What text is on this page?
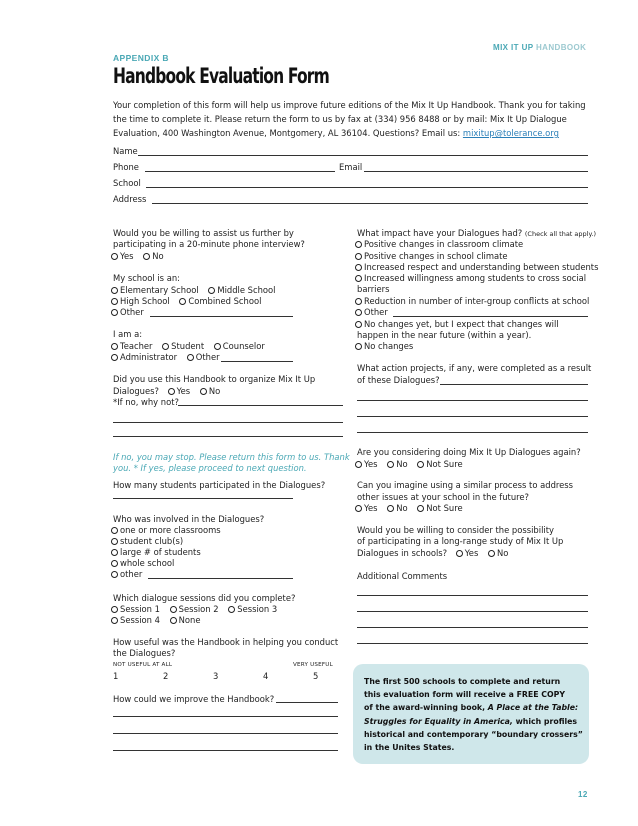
MIX IT UP HANDBOOK
APPENDIX B
Handbook Evaluation Form
Your completion of this form will help us improve future editions of the Mix It Up Handbook. Thank you for taking
the time to complete it. Please return the form to us by fax at (334) 956 8488 or by mail: Mix It Up Dialogue
Evaluation, 400 Washington Avenue, Montgomery, AL 36104. Questions? Email us: mixitup@tolerance.org
Name
Phone	Email
School
Address
Would you be willing to assist us further by
participating in a 20-minute phone interview?
Yes No
My school is an:
Elementary School Middle School
High School Combined School
Other
I am a:
Teacher Student Counselor
Administrator Other
Did you use this Handbook to organize Mix It Up
Dialogues? Yes No
*If no, why not?
If no, you may stop. Please return this form to us. Thank
you. * If yes, please proceed to next question.
How many students participated in the Dialogues?
Who was involved in the Dialogues?
one or more classrooms
student club(s)
large # of students
whole school
other
Which dialogue sessions did you complete?
Session 1 Session 2 Session 3
Session 4 None
How useful was the Handbook in helping you conduct
the Dialogues?
NOT USEFUL AT ALL	VERY USEFUL
1	2	3	4	5
How could we improve the Handbook?
What impact have your Dialogues had? (Check all that apply.)
Positive changes in classroom climate
Positive changes in school climate
Increased respect and understanding between students
Increased willingness among students to cross social
barriers
Reduction in number of inter-group conflicts at school
Other
No changes yet, but I expect that changes will
happen in the near future (within a year).
No changes
What action projects, if any, were completed as a result
of these Dialogues?
Are you considering doing Mix It Up Dialogues again?
Yes No Not Sure
Can you imagine using a similar process to address
other issues at your school in the future?
Yes No Not Sure
Would you be willing to consider the possibility
of participating in a long-range study of Mix It Up
Dialogues in schools? Yes No
Additional Comments
The first 500 schools to complete and return
this evaluation form will receive a FREE COPY
of the award-winning book, A Place at the Table:
Struggles for Equality in America, which profiles
historical and contemporary “boundary crossers”
in the Unites States.
12
